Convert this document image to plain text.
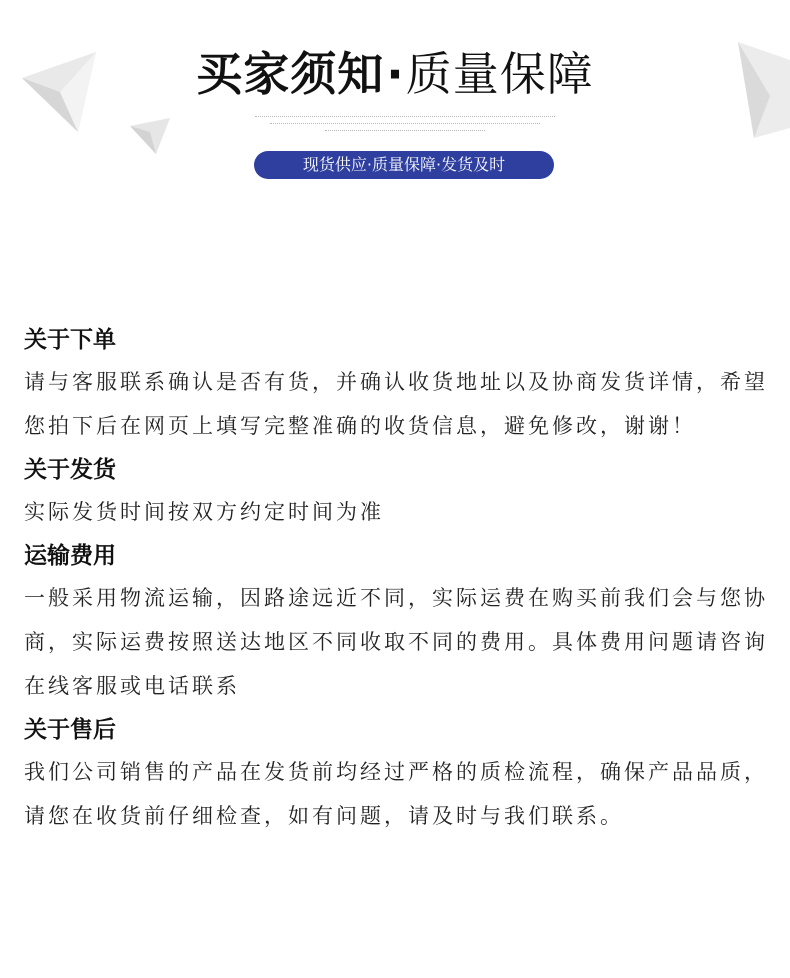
买家须知·质量保障
现货供应·质量保障·发货及时

关于下单

请与客服联系确认是否有货，并确认收货地址以及协商发货详情，希望您拍下后在网页上填写完整准确的收货信息，避免修改，谢谢！

关于发货

实际发货时间按双方约定时间为准

运输费用

一般采用物流运输，因路途远近不同，实际运费在购买前我们会与您协商，实际运费按照送达地区不同收取不同的费用。具体费用问题请咨询在线客服或电话联系

关于售后

我们公司销售的产品在发货前均经过严格的质检流程，确保产品品质，请您在收货前仔细检查，如有问题，请及时与我们联系。
